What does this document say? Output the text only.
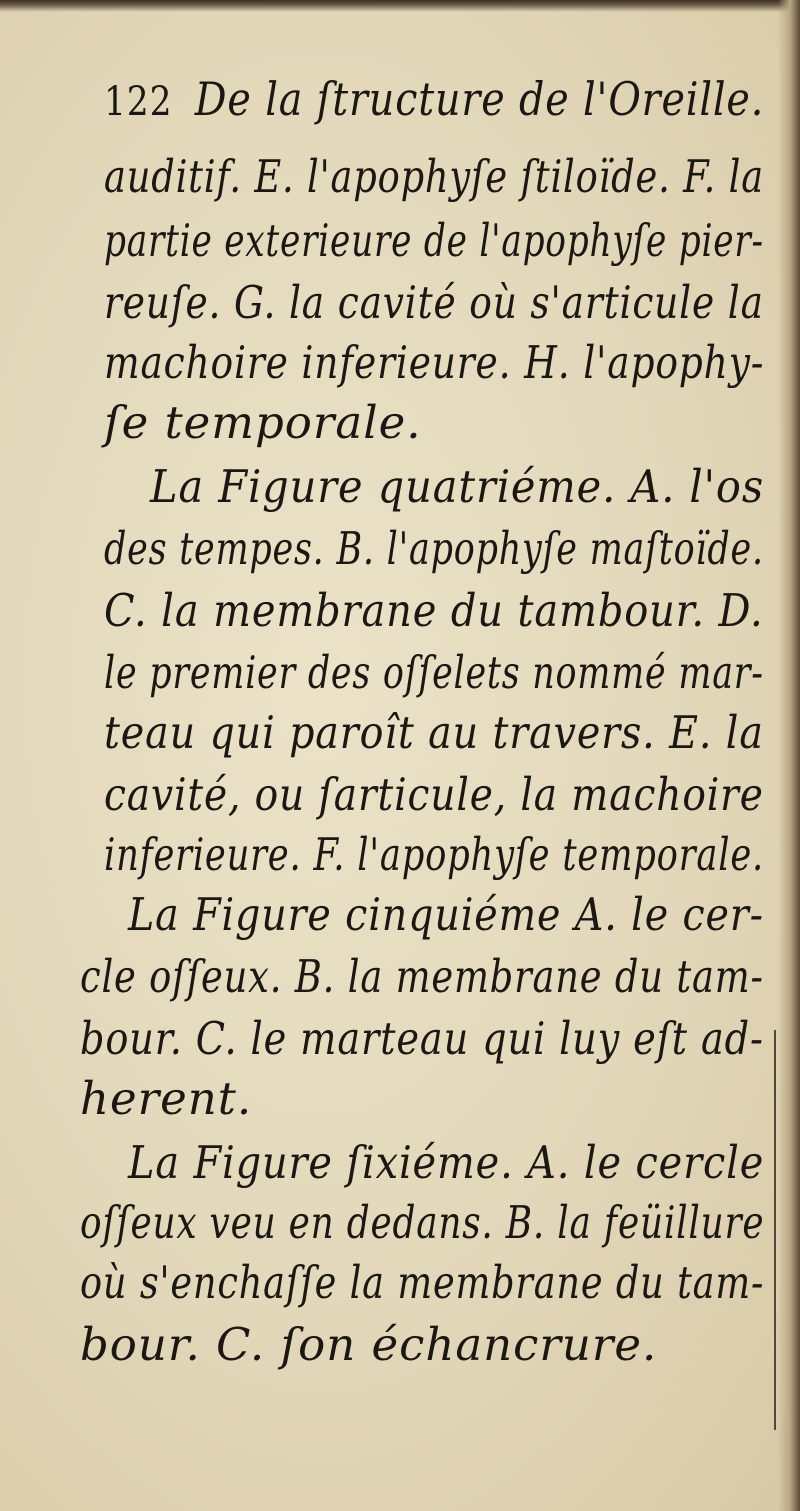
122 De la ſtructure de l'Oreille.
auditif. E. l'apophyſe ſtiloïde. F. la
partie exterieure de l'apophyſe pier-
reuſe. G. la cavité où s'articule la
machoire inferieure. H. l'apophy-
ſe temporale.
La Figure quatriéme. A. l'os
des tempes. B. l'apophyſe maſtoïde.
C. la membrane du tambour. D.
le premier des oſſelets nommé mar-
teau qui paroît au travers. E. la
cavité, ou ſarticule, la machoire
inferieure. F. l'apophyſe temporale.
La Figure cinquiéme A. le cer-
cle oſſeux. B. la membrane du tam-
bour. C. le marteau qui luy eſt ad-
herent.
La Figure ſixiéme. A. le cercle
oſſeux veu en dedans. B. la feüillure
où s'enchaſſe la membrane du tam-
bour. C. ſon échancrure.
